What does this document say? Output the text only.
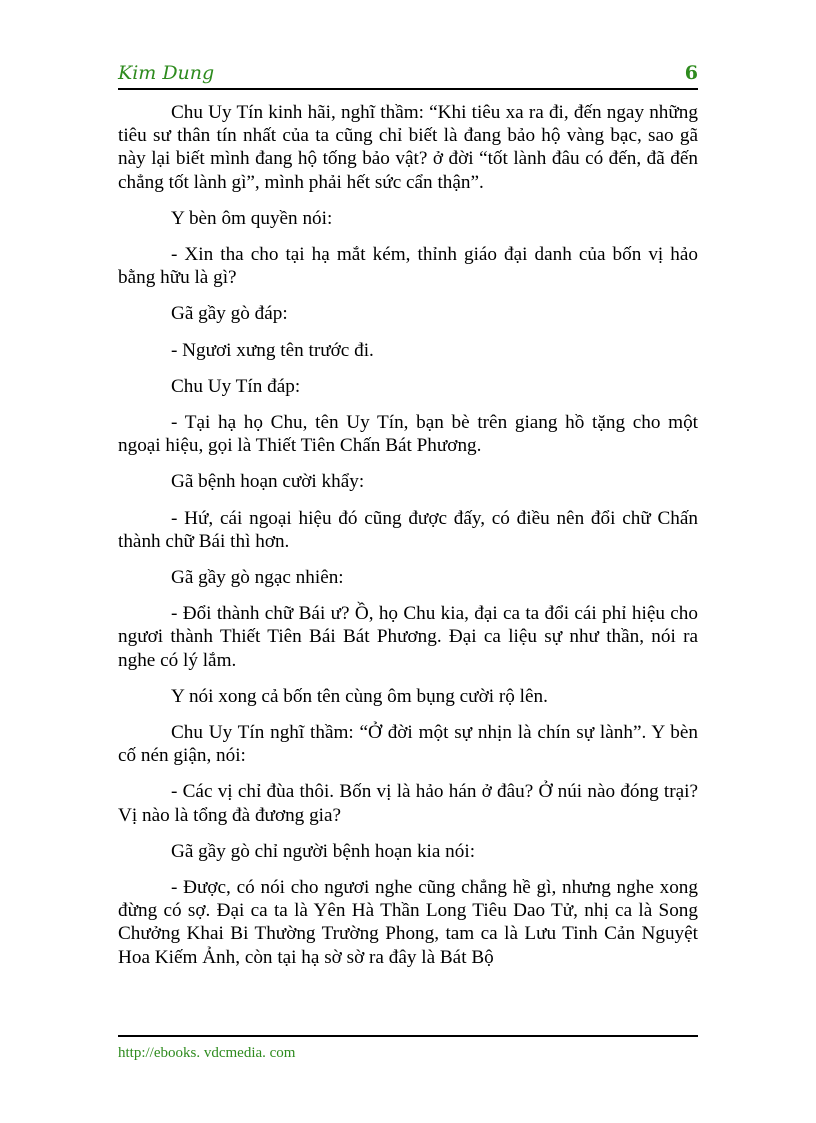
Kim Dung	6

Chu Uy Tín kinh hãi, nghĩ thầm: “Khi tiêu xa ra đi, đến ngay những tiêu sư thân tín nhất của ta cũng chỉ biết là đang bảo hộ vàng bạc, sao gã này lại biết mình đang hộ tống bảo vật? ở đời “tốt lành đâu có đến, đã đến chẳng tốt lành gì”, mình phải hết sức cẩn thận”.

Y bèn ôm quyền nói:

- Xin tha cho tại hạ mắt kém, thỉnh giáo đại danh của bốn vị hảo bằng hữu là gì?

Gã gầy gò đáp:

- Ngươi xưng tên trước đi.

Chu Uy Tín đáp:

- Tại hạ họ Chu, tên Uy Tín, bạn bè trên giang hồ tặng cho một ngoại hiệu, gọi là Thiết Tiên Chấn Bát Phương.

Gã bệnh hoạn cười khẩy:

- Hứ, cái ngoại hiệu đó cũng được đấy, có điều nên đổi chữ Chấn thành chữ Bái thì hơn.

Gã gầy gò ngạc nhiên:

- Đổi thành chữ Bái ư? Ồ, họ Chu kia, đại ca ta đổi cái phỉ hiệu cho ngươi thành Thiết Tiên Bái Bát Phương. Đại ca liệu sự như thần, nói ra nghe có lý lắm.

Y nói xong cả bốn tên cùng ôm bụng cười rộ lên.

Chu Uy Tín nghĩ thầm: “Ở đời một sự nhịn là chín sự lành”. Y bèn cố nén giận, nói:

- Các vị chỉ đùa thôi. Bốn vị là hảo hán ở đâu? Ở núi nào đóng trại? Vị nào là tổng đà đương gia?

Gã gầy gò chỉ người bệnh hoạn kia nói:

- Được, có nói cho ngươi nghe cũng chẳng hề gì, nhưng nghe xong đừng có sợ. Đại ca ta là Yên Hà Thần Long Tiêu Dao Tử, nhị ca là Song Chưởng Khai Bi Thường Trường Phong, tam ca là Lưu Tinh Cản Nguyệt Hoa Kiếm Ảnh, còn tại hạ sờ sờ ra đây là Bát Bộ

http://ebooks. vdcmedia. com
